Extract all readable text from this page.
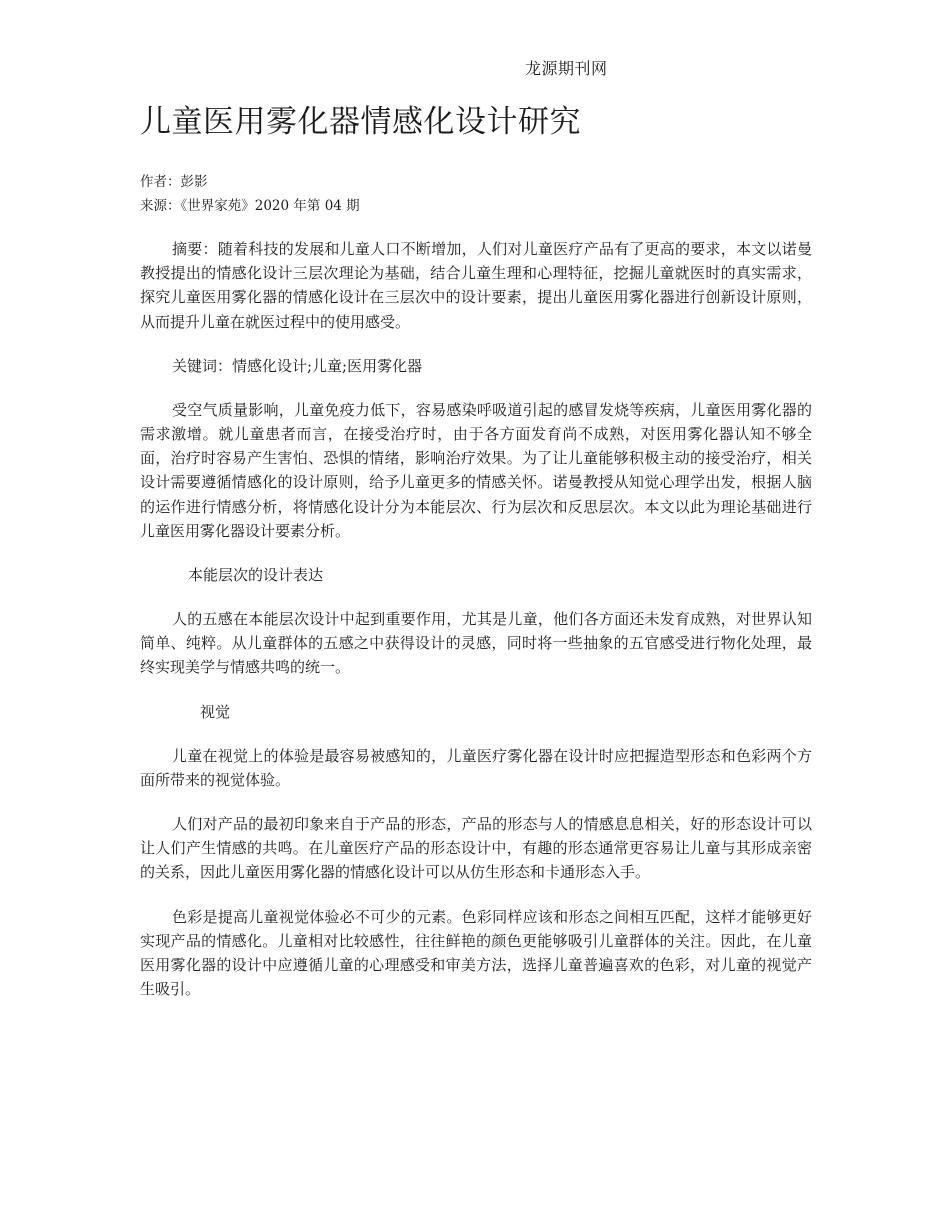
龙源期刊网
儿童医用雾化器情感化设计研究
作者：彭影
来源：《世界家苑》2020 年第 04 期

摘要：随着科技的发展和儿童人口不断增加，人们对儿童医疗产品有了更高的要求，本文以诺曼教授提出的情感化设计三层次理论为基础，结合儿童生理和心理特征，挖掘儿童就医时的真实需求，探究儿童医用雾化器的情感化设计在三层次中的设计要素，提出儿童医用雾化器进行创新设计原则，从而提升儿童在就医过程中的使用感受。

关键词：情感化设计;儿童;医用雾化器

受空气质量影响，儿童免疫力低下，容易感染呼吸道引起的感冒发烧等疾病，儿童医用雾化器的需求激增。就儿童患者而言，在接受治疗时，由于各方面发育尚不成熟，对医用雾化器认知不够全面，治疗时容易产生害怕、恐惧的情绪，影响治疗效果。为了让儿童能够积极主动的接受治疗，相关设计需要遵循情感化的设计原则，给予儿童更多的情感关怀。诺曼教授从知觉心理学出发，根据人脑的运作进行情感分析，将情感化设计分为本能层次、行为层次和反思层次。本文以此为理论基础进行儿童医用雾化器设计要素分析。

本能层次的设计表达

人的五感在本能层次设计中起到重要作用，尤其是儿童，他们各方面还未发育成熟，对世界认知简单、纯粹。从儿童群体的五感之中获得设计的灵感，同时将一些抽象的五官感受进行物化处理，最终实现美学与情感共鸣的统一。

视觉

儿童在视觉上的体验是最容易被感知的，儿童医疗雾化器在设计时应把握造型形态和色彩两个方面所带来的视觉体验。

人们对产品的最初印象来自于产品的形态，产品的形态与人的情感息息相关，好的形态设计可以让人们产生情感的共鸣。在儿童医疗产品的形态设计中，有趣的形态通常更容易让儿童与其形成亲密的关系，因此儿童医用雾化器的情感化设计可以从仿生形态和卡通形态入手。

色彩是提高儿童视觉体验必不可少的元素。色彩同样应该和形态之间相互匹配，这样才能够更好实现产品的情感化。儿童相对比较感性，往往鲜艳的颜色更能够吸引儿童群体的关注。因此，在儿童医用雾化器的设计中应遵循儿童的心理感受和审美方法，选择儿童普遍喜欢的色彩，对儿童的视觉产生吸引。
